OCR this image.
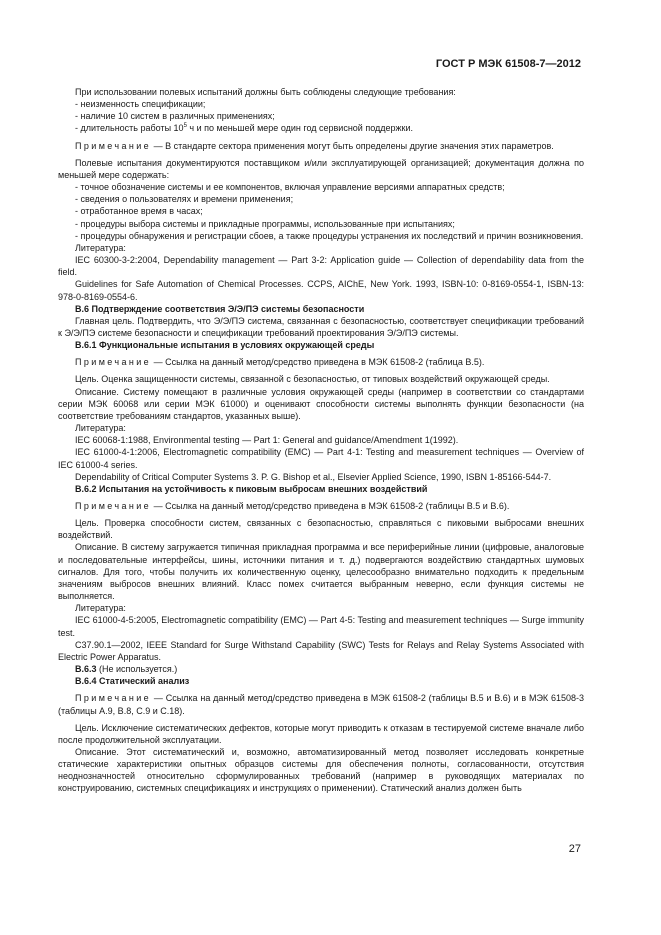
ГОСТ Р МЭК 61508-7—2012

При использовании полевых испытаний должны быть соблюдены следующие требования:

- неизменность спецификации;

- наличие 10 систем в различных применениях;

- длительность работы $10^5$ ч и по меньшей мере один год сервисной поддержки.

Примечание — В стандарте сектора применения могут быть определены другие значения этих параметров.

Полевые испытания документируются поставщиком и/или эксплуатирующей организацией; документация должна по меньшей мере содержать:

- точное обозначение системы и ее компонентов, включая управление версиями аппаратных средств;

- сведения о пользователях и времени применения;

- отработанное время в часах;

- процедуры выбора системы и прикладные программы, использованные при испытаниях;

- процедуры обнаружения и регистрации сбоев, а также процедуры устранения их последствий и причин возникновения.

Литература:

IEC 60300-3-2:2004, Dependability management — Part 3-2: Application guide — Collection of dependability data from the field.

Guidelines for Safe Automation of Chemical Processes. CCPS, AIChE, New York. 1993, ISBN-10: 0-8169-0554-1, ISBN-13: 978-0-8169-0554-6.

B.6 Подтверждение соответствия Э/Э/ПЭ системы безопасности

Главная цель. Подтвердить, что Э/Э/ПЭ система, связанная с безопасностью, соответствует спецификации требований к Э/Э/ПЭ системе безопасности и спецификации требований проектирования Э/Э/ПЭ системы.

B.6.1 Функциональные испытания в условиях окружающей среды

Примечание — Ссылка на данный метод/средство приведена в МЭК 61508-2 (таблица В.5).

Цель. Оценка защищенности системы, связанной с безопасностью, от типовых воздействий окружающей среды.

Описание. Систему помещают в различные условия окружающей среды (например в соответствии со стандартами серии МЭК 60068 или серии МЭК 61000) и оценивают способности системы выполнять функции безопасности (на соответствие требованиям стандартов, указанных выше).

Литература:

IEC 60068-1:1988, Environmental testing — Part 1: General and guidance/Amendment 1(1992).

IEC 61000-4-1:2006, Electromagnetic compatibility (EMC) — Part 4-1: Testing and measurement techniques — Overview of IEC 61000-4 series.

Dependability of Critical Computer Systems 3. P. G. Bishop et al., Elsevier Applied Science, 1990, ISBN 1-85166-544-7.

B.6.2 Испытания на устойчивость к пиковым выбросам внешних воздействий

Примечание — Ссылка на данный метод/средство приведена в МЭК 61508-2 (таблицы В.5 и В.6).

Цель. Проверка способности систем, связанных с безопасностью, справляться с пиковыми выбросами внешних воздействий.

Описание. В систему загружается типичная прикладная программа и все периферийные линии (цифровые, аналоговые и последовательные интерфейсы, шины, источники питания и т. д.) подвергаются воздействию стандартных шумовых сигналов. Для того, чтобы получить их количественную оценку, целесообразно внимательно подходить к предельным значениям выбросов внешних влияний. Класс помех считается выбранным неверно, если функция системы не выполняется.

Литература:

IEC 61000-4-5:2005, Electromagnetic compatibility (EMC) — Part 4-5: Testing and measurement techniques — Surge immunity test.

C37.90.1—2002, IEEE Standard for Surge Withstand Capability (SWC) Tests for Relays and Relay Systems Associated with Electric Power Apparatus.

B.6.3 (Не используется.)

B.6.4 Статический анализ

Примечание — Ссылка на данный метод/средство приведена в МЭК 61508-2 (таблицы В.5 и В.6) и в МЭК 61508-3 (таблицы А.9, В.8, С.9 и С.18).

Цель. Исключение систематических дефектов, которые могут приводить к отказам в тестируемой системе вначале либо после продолжительной эксплуатации.

Описание. Этот систематический и, возможно, автоматизированный метод позволяет исследовать конкретные статические характеристики опытных образцов системы для обеспечения полноты, согласованности, отсутствия неоднозначностей относительно сформулированных требований (например в руководящих материалах по конструированию, системных спецификациях и инструкциях о применении). Статический анализ должен быть

27
